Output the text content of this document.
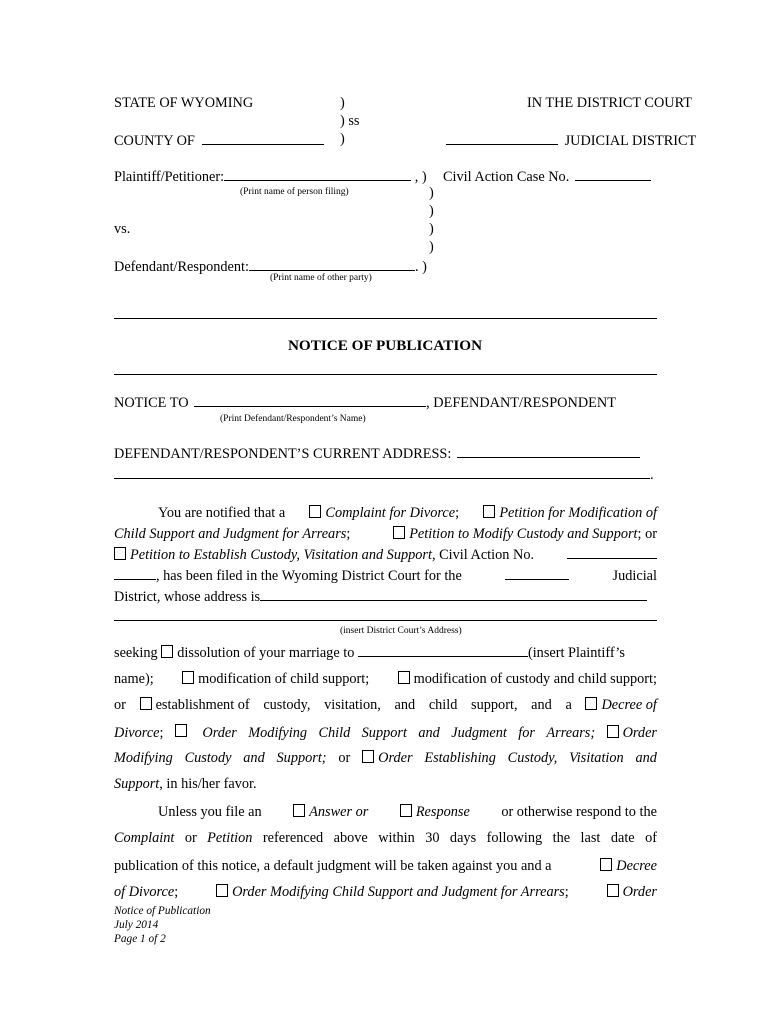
STATE OF WYOMING	)
) ss
)
IN THE DISTRICT COURT
COUNTY OF	JUDICIAL DISTRICT
Plaintiff/Petitioner:	, ) Civil Action Case No.
(Print name of person filing)	)
)
vs.	)
)
Defendant/Respondent:	. )
(Print name of other party)
NOTICE OF PUBLICATION
NOTICE TO	, DEFENDANT/RESPONDENT
(Print Defendant/Respondent’s Name)
DEFENDANT/RESPONDENT’S CURRENT ADDRESS:
.
You are notified that a	Complaint for Divorce;	Petition for Modification of
Child Support and Judgment for Arrears;	Petition to Modify Custody and Support; or
Petition to Establish Custody, Visitation and Support, Civil Action No.
, has been filed in the Wyoming District Court for the	Judicial
District, whose address is
(insert District Court’s Address)
seeking dissolution of your marriage to	(insert Plaintiff’s
name);	modification of child support;	modification of custody and child support;
or	establishment of custody, visitation, and child support, and a	Decree of
Divorce;	Order Modifying Child Support and Judgment for Arrears;	Order
Modifying Custody and Support; or	Order Establishing Custody, Visitation and
Support, in his/her favor.
Unless you file an	Answer or	Response or otherwise respond to the
Complaint or Petition referenced above within 30 days following the last date of
publication of this notice, a default judgment will be taken against you and a	Decree
of Divorce;	Order Modifying Child Support and Judgment for Arrears;	Order
Notice of Publication
July 2014
Page 1 of 2
